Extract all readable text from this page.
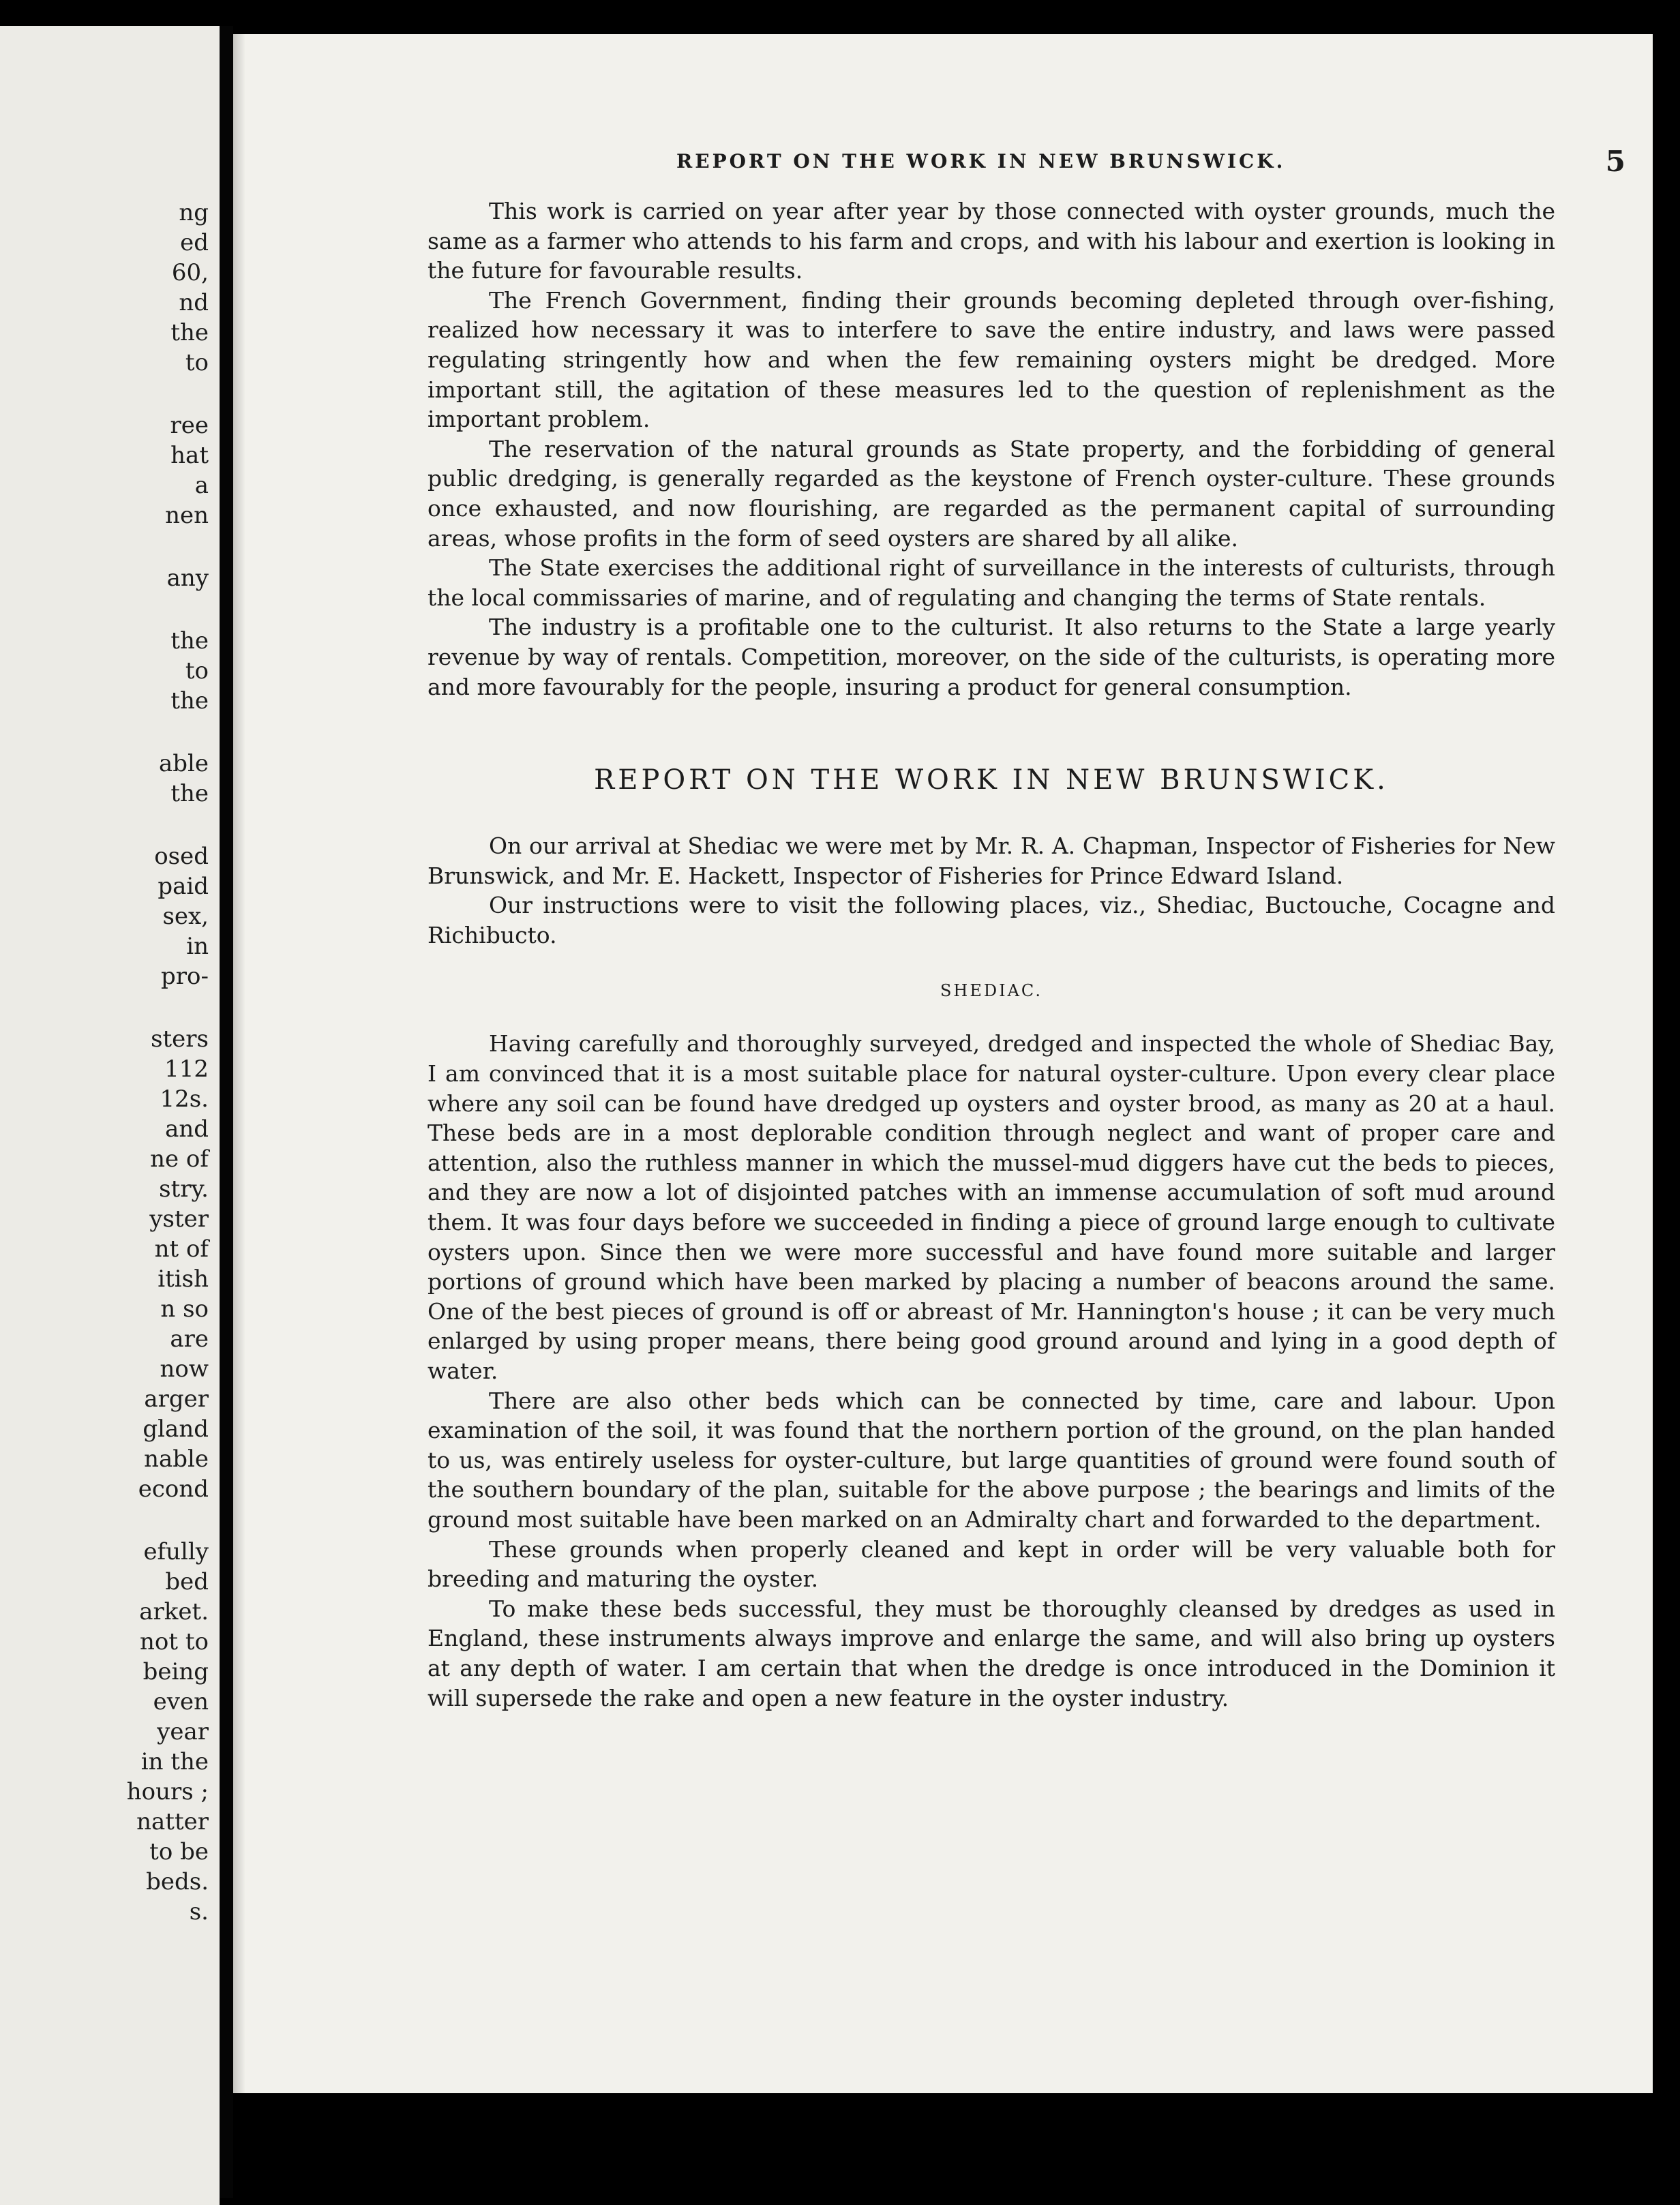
ng

ed

60,

nd

the

to

ree

hat

a

nen

any

the

to

the

able

the

osed

paid

sex,

in

pro-

sters

112

12s.

and

ne of

stry.

yster

nt of

itish

n so

are

now

arger

gland

nable

econd

efully

bed

arket.

not to

being

even

year

in the

hours ;

natter

to be

beds.

s.

REPORT ON THE WORK IN NEW BRUNSWICK.	5

This work is carried on year after year by those connected with oyster grounds, much the same as a farmer who attends to his farm and crops, and with his labour and exertion is looking in the future for favourable results.

The French Government, finding their grounds becoming depleted through over-fishing, realized how necessary it was to interfere to save the entire industry, and laws were passed regulating stringently how and when the few remaining oysters might be dredged. More important still, the agitation of these measures led to the question of replenishment as the important problem.

The reservation of the natural grounds as State property, and the forbidding of general public dredging, is generally regarded as the keystone of French oyster-culture. These grounds once exhausted, and now flourishing, are regarded as the permanent capital of surrounding areas, whose profits in the form of seed oysters are shared by all alike.

The State exercises the additional right of surveillance in the interests of culturists, through the local commissaries of marine, and of regulating and changing the terms of State rentals.

The industry is a profitable one to the culturist. It also returns to the State a large yearly revenue by way of rentals. Competition, moreover, on the side of the culturists, is operating more and more favourably for the people, insuring a product for general consumption.

REPORT ON THE WORK IN NEW BRUNSWICK.

On our arrival at Shediac we were met by Mr. R. A. Chapman, Inspector of Fisheries for New Brunswick, and Mr. E. Hackett, Inspector of Fisheries for Prince Edward Island.

Our instructions were to visit the following places, viz., Shediac, Buctouche, Cocagne and Richibucto.

SHEDIAC.

Having carefully and thoroughly surveyed, dredged and inspected the whole of Shediac Bay, I am convinced that it is a most suitable place for natural oyster-culture. Upon every clear place where any soil can be found have dredged up oysters and oyster brood, as many as 20 at a haul. These beds are in a most deplorable condition through neglect and want of proper care and attention, also the ruthless manner in which the mussel-mud diggers have cut the beds to pieces, and they are now a lot of disjointed patches with an immense accumulation of soft mud around them. It was four days before we succeeded in finding a piece of ground large enough to cultivate oysters upon. Since then we were more successful and have found more suitable and larger portions of ground which have been marked by placing a number of beacons around the same. One of the best pieces of ground is off or abreast of Mr. Hannington's house ; it can be very much enlarged by using proper means, there being good ground around and lying in a good depth of water.

There are also other beds which can be connected by time, care and labour. Upon examination of the soil, it was found that the northern portion of the ground, on the plan handed to us, was entirely useless for oyster-culture, but large quantities of ground were found south of the southern boundary of the plan, suitable for the above purpose ; the bearings and limits of the ground most suitable have been marked on an Admiralty chart and forwarded to the department.

These grounds when properly cleaned and kept in order will be very valuable both for breeding and maturing the oyster.

To make these beds successful, they must be thoroughly cleansed by dredges as used in England, these instruments always improve and enlarge the same, and will also bring up oysters at any depth of water. I am certain that when the dredge is once introduced in the Dominion it will supersede the rake and open a new feature in the oyster industry.
